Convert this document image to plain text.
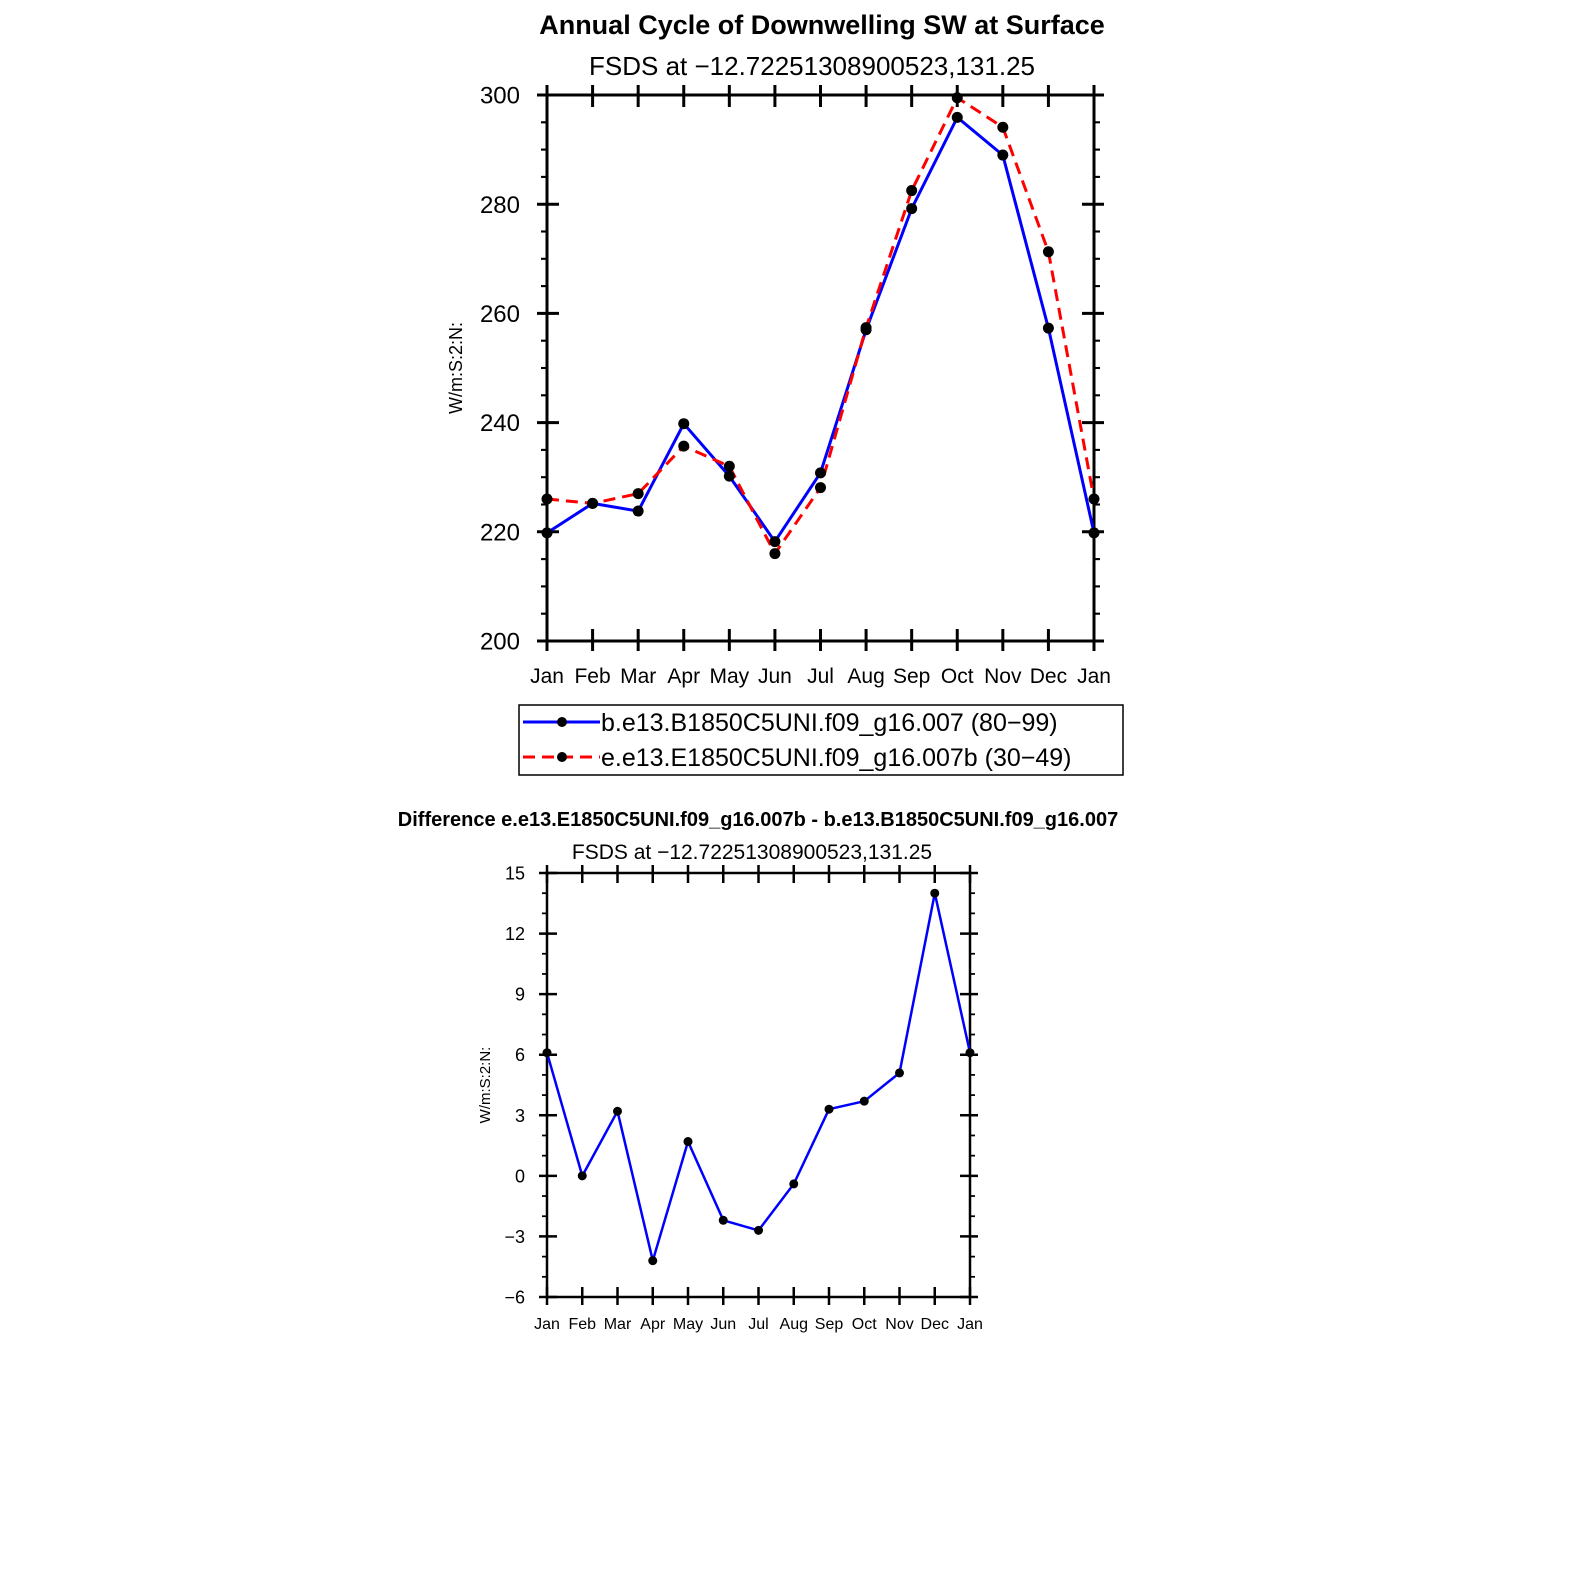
Annual Cycle of Downwelling SW at Surface
FSDS at −12.72251308900523,131.25
W/m:S:2:N:
200
220
240
260
280
300
Jan Feb Mar Apr May Jun Jul Aug Sep Oct Nov Dec Jan
b.e13.B1850C5UNI.f09_g16.007 (80−99)
e.e13.E1850C5UNI.f09_g16.007b (30−49)
Difference e.e13.E1850C5UNI.f09_g16.007b - b.e13.B1850C5UNI.f09_g16.007
FSDS at −12.72251308900523,131.25
W/m:S:2:N:
−6
−3
0
3
6
9
12
15
Jan Feb Mar Apr May Jun Jul Aug Sep Oct Nov Dec Jan
